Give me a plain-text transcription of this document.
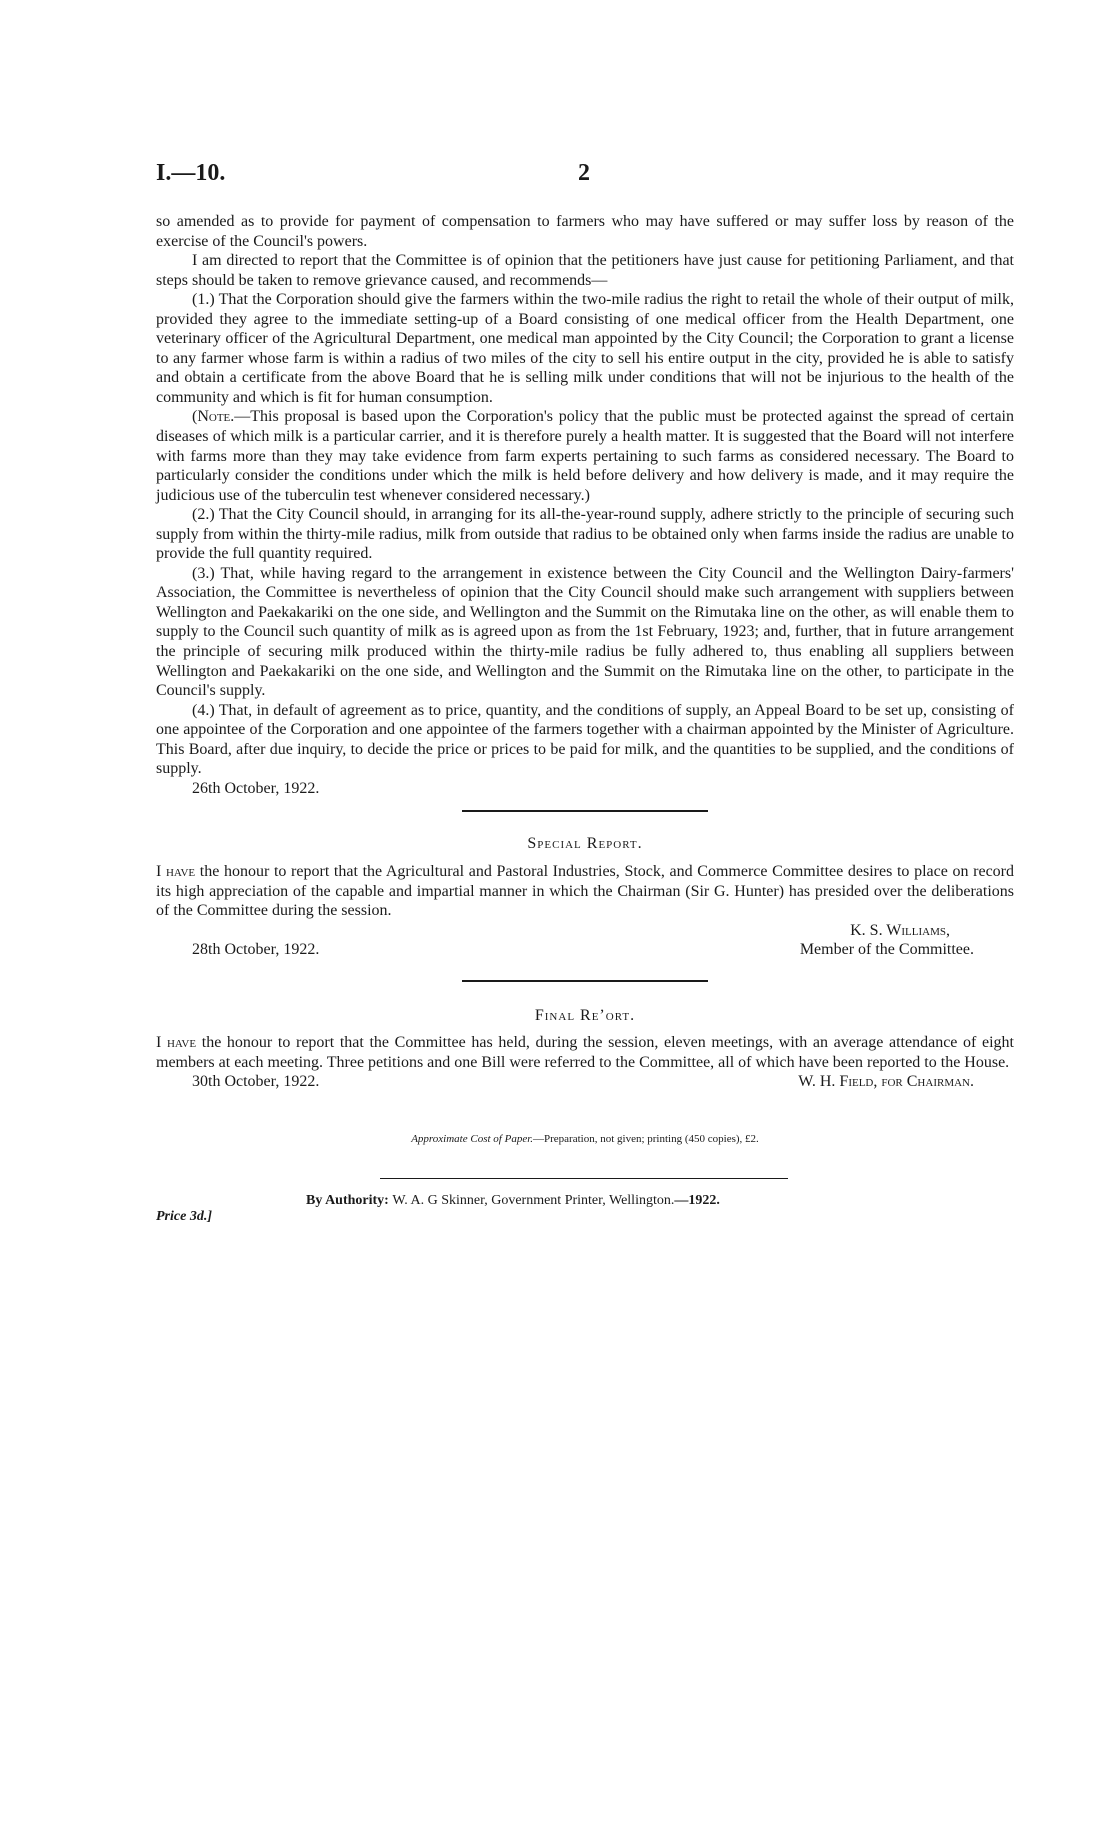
I.—10.	2

so amended as to provide for payment of compensation to farmers who may have suffered or may suffer loss by reason of the exercise of the Council's powers.

I am directed to report that the Committee is of opinion that the petitioners have just cause for petitioning Parliament, and that steps should be taken to remove grievance caused, and recommends—

(1.) That the Corporation should give the farmers within the two-mile radius the right to retail the whole of their output of milk, provided they agree to the immediate setting-up of a Board consisting of one medical officer from the Health Department, one veterinary officer of the Agricultural Department, one medical man appointed by the City Council; the Corporation to grant a license to any farmer whose farm is within a radius of two miles of the city to sell his entire output in the city, provided he is able to satisfy and obtain a certificate from the above Board that he is selling milk under conditions that will not be injurious to the health of the community and which is fit for human consumption.

(Note.—This proposal is based upon the Corporation's policy that the public must be protected against the spread of certain diseases of which milk is a particular carrier, and it is therefore purely a health matter. It is suggested that the Board will not interfere with farms more than they may take evidence from farm experts pertaining to such farms as considered necessary. The Board to particularly consider the conditions under which the milk is held before delivery and how delivery is made, and it may require the judicious use of the tuberculin test whenever considered necessary.)

(2.) That the City Council should, in arranging for its all-the-year-round supply, adhere strictly to the principle of securing such supply from within the thirty-mile radius, milk from outside that radius to be obtained only when farms inside the radius are unable to provide the full quantity required.

(3.) That, while having regard to the arrangement in existence between the City Council and the Wellington Dairy-farmers' Association, the Committee is nevertheless of opinion that the City Council should make such arrangement with suppliers between Wellington and Paekakariki on the one side, and Wellington and the Summit on the Rimutaka line on the other, as will enable them to supply to the Council such quantity of milk as is agreed upon as from the 1st February, 1923; and, further, that in future arrangement the principle of securing milk produced within the thirty-mile radius be fully adhered to, thus enabling all suppliers between Wellington and Paekakariki on the one side, and Wellington and the Summit on the Rimutaka line on the other, to participate in the Council's supply.

(4.) That, in default of agreement as to price, quantity, and the conditions of supply, an Appeal Board to be set up, consisting of one appointee of the Corporation and one appointee of the farmers together with a chairman appointed by the Minister of Agriculture. This Board, after due inquiry, to decide the price or prices to be paid for milk, and the quantities to be supplied, and the conditions of supply.

26th October, 1922.

Special Report.

I have the honour to report that the Agricultural and Pastoral Industries, Stock, and Commerce Committee desires to place on record its high appreciation of the capable and impartial manner in which the Chairman (Sir G. Hunter) has presided over the deliberations of the Committee during the session.

K. S. Williams,
28th October, 1922.	Member of the Committee.
Final Re’ort.

I have the honour to report that the Committee has held, during the session, eleven meetings, with an average attendance of eight members at each meeting. Three petitions and one Bill were referred to the Committee, all of which have been reported to the House.

30th October, 1922.	W. H. Field, for Chairman.
Approximate Cost of Paper.—Preparation, not given; printing (450 copies), £2.
By Authority: W. A. G Skinner, Government Printer, Wellington.—1922.
Price 3d.]
